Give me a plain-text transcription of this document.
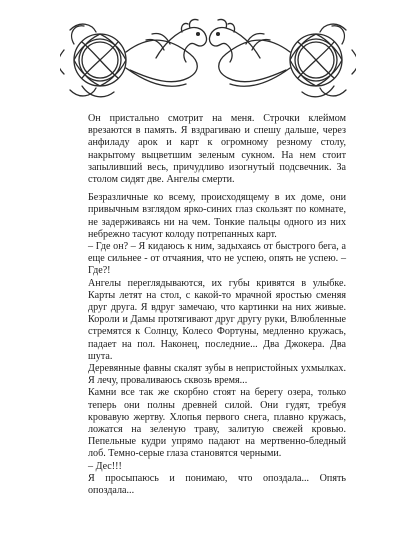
Он пристально смотрит на меня. Строчки клеймом врезаются в память. Я вздрагиваю и спешу дальше, через анфиладу арок и карт к огромному резному столу, накрытому выцветшим зеленым сукном. На нем стоит запыливший весь, причудливо изогнутый подсвечник. За столом сидят две. Ангелы смерти.

Безразличные ко всему, происходящему в их доме, они привычным взглядом ярко-синих глаз скользят по комнате, не задерживаясь ни на чем. Тонкие пальцы одного из них небрежно тасуют колоду потрепанных карт.

– Где он? – Я кидаюсь к ним, задыхаясь от быстрого бега, а еще сильнее - от отчаяния, что не успею, опять не успею. – Где?!

Ангелы переглядываются, их губы кривятся в улыбке. Карты летят на стол, с какой-то мрачной яростью сменяя друг друга. Я вдруг замечаю, что картинки на них живые. Короли и Дамы протягивают друг другу руки, Влюбленные стремятся к Солнцу, Колесо Фортуны, медленно кружась, падает на пол. Наконец, последние... Два Джокера. Два шута.

Деревянные фавны скалят зубы в непристойных ухмылках. Я лечу, проваливаюсь сквозь время...

Камни все так же скорбно стоят на берегу озера, только теперь они полны древней силой. Они гудят, требуя кровавую жертву. Хлопья первого снега, плавно кружась, ложатся на зеленую траву, залитую свежей кровью. Пепельные кудри упрямо падают на мертвенно-бледный лоб. Темно-серые глаза становятся черными.

– Дес!!!

Я просыпаюсь и понимаю, что опоздала... Опять опоздала...
